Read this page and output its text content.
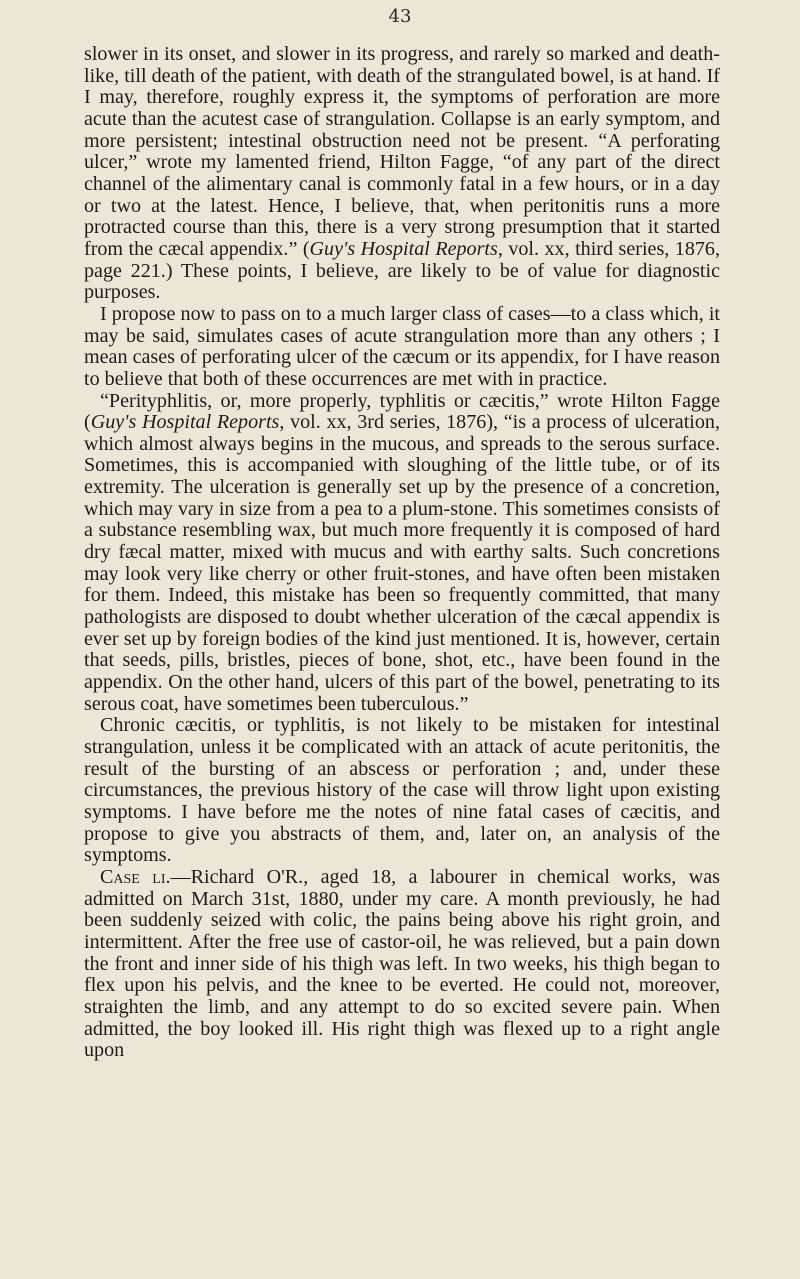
43

slower in its onset, and slower in its progress, and rarely so marked and death-like, till death of the patient, with death of the strangulated bowel, is at hand. If I may, therefore, roughly express it, the symptoms of perforation are more acute than the acutest case of strangulation. Collapse is an early symptom, and more persistent; intestinal obstruction need not be present. “A perforating ulcer,” wrote my lamented friend, Hilton Fagge, “of any part of the direct channel of the alimentary canal is commonly fatal in a few hours, or in a day or two at the latest. Hence, I believe, that, when peritonitis runs a more protracted course than this, there is a very strong presumption that it started from the cæcal appendix.” (Guy's Hospital Reports, vol. xx, third series, 1876, page 221.) These points, I believe, are likely to be of value for diagnostic purposes.

I propose now to pass on to a much larger class of cases—to a class which, it may be said, simulates cases of acute strangulation more than any others ; I mean cases of perforating ulcer of the cæcum or its appendix, for I have reason to believe that both of these occurrences are met with in practice.

“Perityphlitis, or, more properly, typhlitis or cæcitis,” wrote Hilton Fagge (Guy's Hospital Reports, vol. xx, 3rd series, 1876), “is a process of ulceration, which almost always begins in the mucous, and spreads to the serous surface. Sometimes, this is accompanied with sloughing of the little tube, or of its extremity. The ulceration is generally set up by the presence of a concretion, which may vary in size from a pea to a plum-stone. This sometimes consists of a substance resembling wax, but much more frequently it is composed of hard dry fæcal matter, mixed with mucus and with earthy salts. Such concretions may look very like cherry or other fruit-stones, and have often been mistaken for them. Indeed, this mistake has been so frequently committed, that many pathologists are disposed to doubt whether ulceration of the cæcal appendix is ever set up by foreign bodies of the kind just mentioned. It is, however, certain that seeds, pills, bristles, pieces of bone, shot, etc., have been found in the appendix. On the other hand, ulcers of this part of the bowel, penetrating to its serous coat, have sometimes been tuberculous.”

Chronic cæcitis, or typhlitis, is not likely to be mistaken for intestinal strangulation, unless it be complicated with an attack of acute peritonitis, the result of the bursting of an abscess or perforation ; and, under these circumstances, the previous history of the case will throw light upon existing symptoms. I have before me the notes of nine fatal cases of cæcitis, and propose to give you abstracts of them, and, later on, an analysis of the symptoms.

Case li.—Richard O'R., aged 18, a labourer in chemical works, was admitted on March 31st, 1880, under my care. A month previously, he had been suddenly seized with colic, the pains being above his right groin, and intermittent. After the free use of castor-oil, he was relieved, but a pain down the front and inner side of his thigh was left. In two weeks, his thigh began to flex upon his pelvis, and the knee to be everted. He could not, moreover, straighten the limb, and any attempt to do so excited severe pain. When admitted, the boy looked ill. His right thigh was flexed up to a right angle upon
